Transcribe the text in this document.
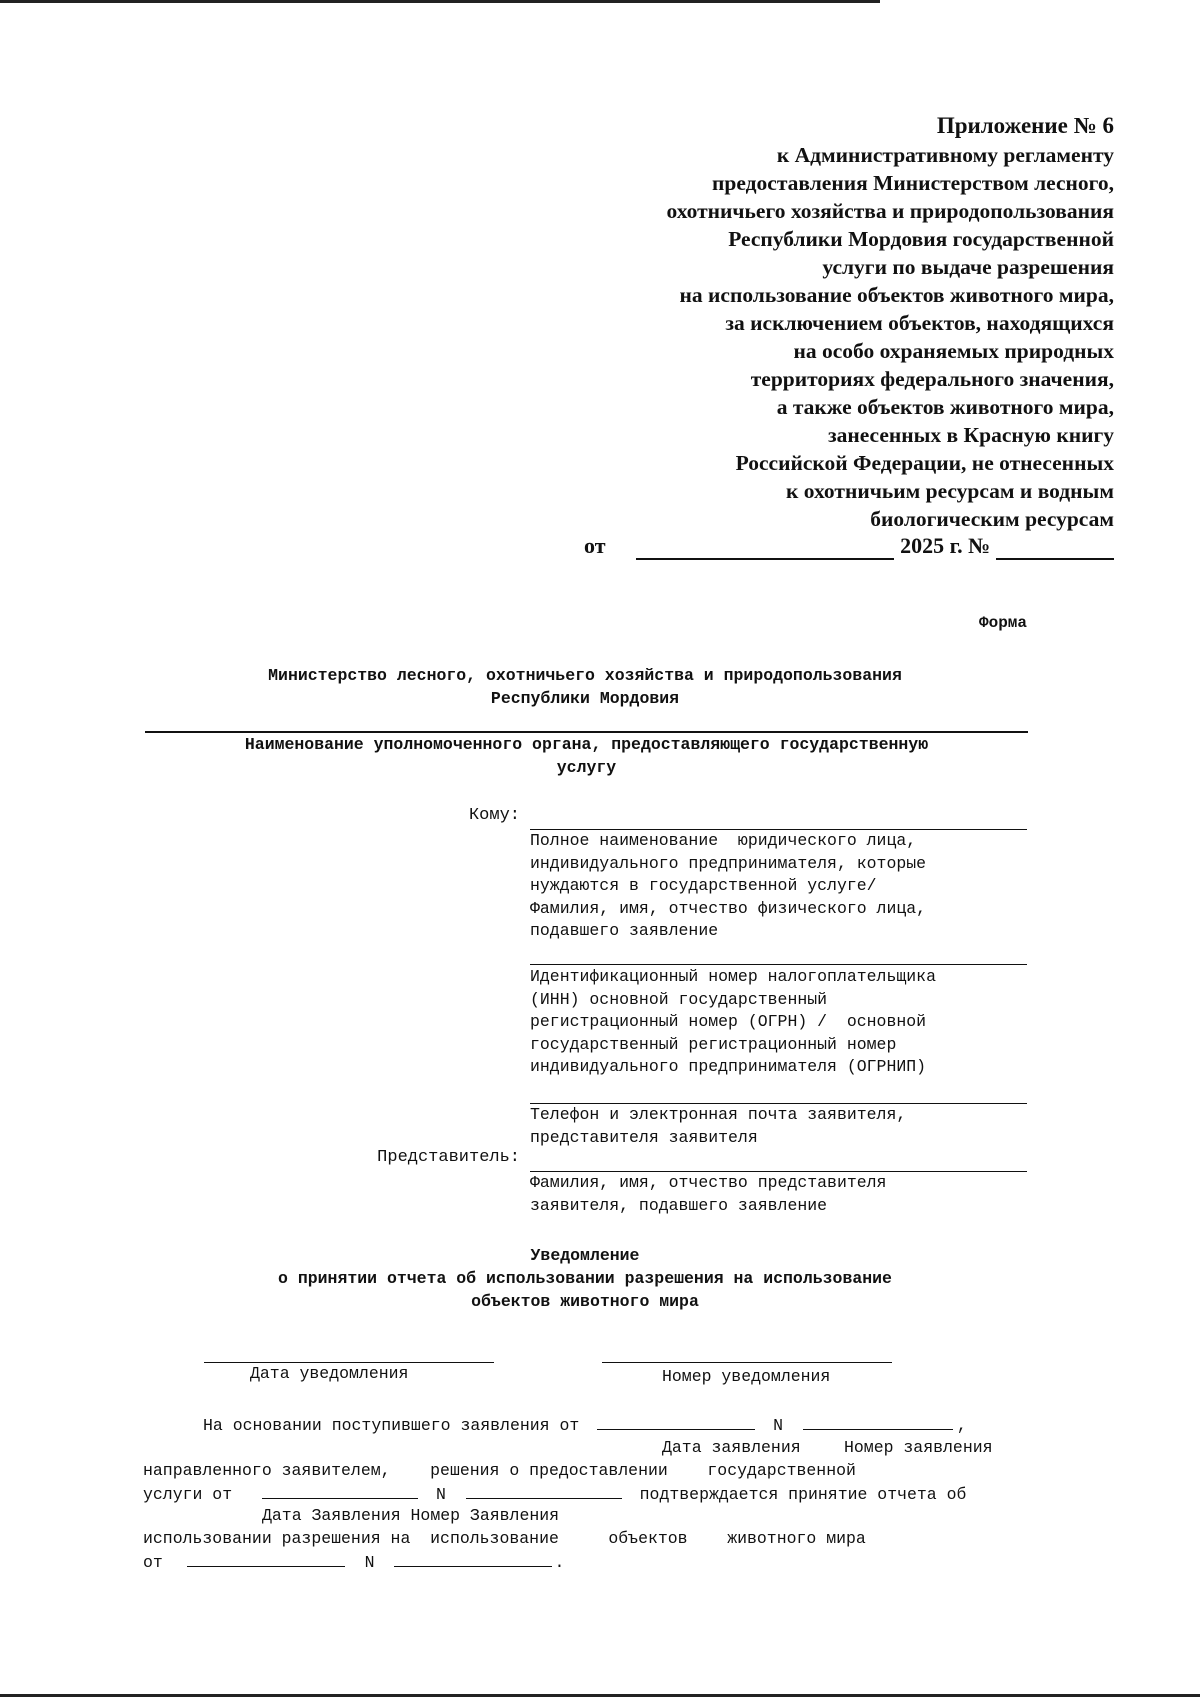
Приложение № 6
к Административному регламенту
предоставления Министерством лесного,
охотничьего хозяйства и природопользования
Республики Мордовия государственной
услуги по выдаче разрешения
на использование объектов животного мира,
за исключением объектов, находящихся
на особо охраняемых природных
территориях федерального значения,
а также объектов животного мира,
занесенных в Красную книгу
Российской Федерации, не отнесенных
к охотничьим ресурсам и водным
биологическим ресурсам
от	2025 г. №
Форма
Министерство лесного, охотничьего хозяйства и природопользования
Республики Мордовия
Наименование уполномоченного органа, предоставляющего государственную
услугу
Кому:
Полное наименование  юридического лица,
индивидуального предпринимателя, которые
нуждаются в государственной услуге/
Фамилия, имя, отчество физического лица,
подавшего заявление
Идентификационный номер налогоплательщика
(ИНН) основной государственный
регистрационный номер (ОГРН) /  основной
государственный регистрационный номер
индивидуального предпринимателя (ОГРНИП)
Телефон и электронная почта заявителя,
представителя заявителя
Представитель:
Фамилия, имя, отчество представителя
заявителя, подавшего заявление
Уведомление
о принятии отчета об использовании разрешения на использование
объектов животного мира
Дата уведомления	Номер уведомления
На основании поступившего заявления от	N	,
Дата заявления	Номер заявления
направленного заявителем,    решения о предоставлении    государственной
услуги от	N	подтверждается принятие отчета об
Дата Заявления Номер Заявления
использовании разрешения на  использование     объектов    животного мира
от	N	.
